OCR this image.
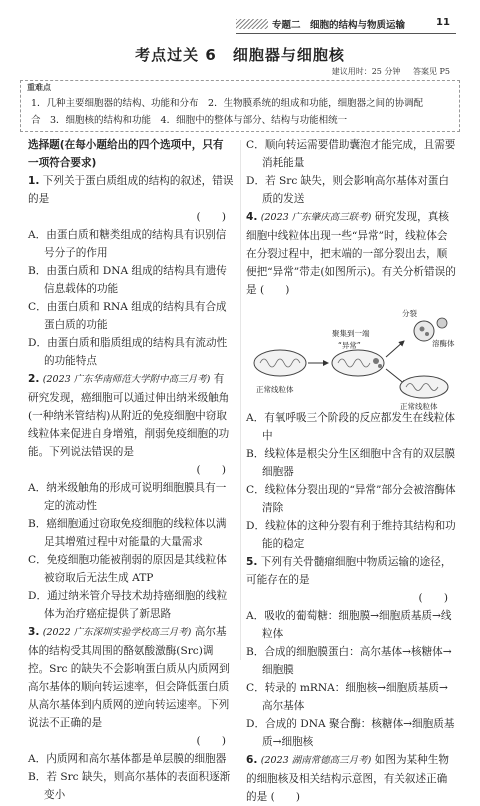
专题二　细胞的结构与物质运输	11
考点过关 6　细胞器与细胞核
建议用时：25 分钟 答案见 P5
重难点
1．几种主要细胞器的结构、功能和分布　2．生物膜系统的组成和功能，细胞器之间的协调配
合　3．细胞核的结构和功能　4．细胞中的整体与部分、结构与功能相统一

选择题(在每小题给出的四个选项中，只有一项符合要求)

1. 下列关于蛋白质组成的结构的叙述，错误的是

(　　)

A．由蛋白质和糖类组成的结构具有识别信号分子的作用

B．由蛋白质和 DNA 组成的结构具有遗传信息载体的功能

C．由蛋白质和 RNA 组成的结构具有合成蛋白质的功能

D．由蛋白质和脂质组成的结构具有流动性的功能特点

2. (2023 广东华南师范大学附中高三月考) 有研究发现，癌细胞可以通过伸出纳米级触角(一种纳米管结构)从附近的免疫细胞中窃取线粒体来促进自身增殖，削弱免疫细胞的功能。下列说法错误的是

(　　)

A．纳米级触角的形成可说明细胞膜具有一定的流动性

B．癌细胞通过窃取免疫细胞的线粒体以满足其增殖过程中对能量的大量需求

C．免疫细胞功能被削弱的原因是其线粒体被窃取后无法生成 ATP

D．通过纳米管介导技术劫持癌细胞的线粒体为治疗癌症提供了新思路

3. (2022 广东深圳实验学校高三月考) 高尔基体的结构受其周围的酪氨酸激酶(Src)调控。Src 的缺失不会影响蛋白质从内质网到高尔基体的顺向转运速率，但会降低蛋白质从高尔基体到内质网的逆向转运速率。下列说法不正确的是

(　　)

A．内质网和高尔基体都是单层膜的细胞器

B．若 Src 缺失，则高尔基体的表面积逐渐变小

C．顺向转运需要借助囊泡才能完成，且需要消耗能量

D．若 Src 缺失，则会影响高尔基体对蛋白质的发送

4. (2023 广东肇庆高三联考) 研究发现，真核细胞中线粒体出现一些“异常”时，线粒体会在分裂过程中，把末端的一部分裂出去，顺便把“异常”带走(如图所示)。有关分析错误的是 (　　)

正常线粒体
“异常”
聚集到一端
分裂
溶酶体
正常线粒体

A．有氧呼吸三个阶段的反应都发生在线粒体中

B．线粒体是根尖分生区细胞中含有的双层膜细胞器

C．线粒体分裂出现的“异常”部分会被溶酶体清除

D．线粒体的这种分裂有利于维持其结构和功能的稳定

5. 下列有关骨髓瘤细胞中物质运输的途径，可能存在的是

(　　)

A．吸收的葡萄糖：细胞膜→细胞质基质→线粒体

B．合成的细胞膜蛋白：高尔基体→核糖体→细胞膜

C．转录的 mRNA：细胞核→细胞质基质→高尔基体

D．合成的 DNA 聚合酶：核糖体→细胞质基质→细胞核

6. (2023 湖南常德高三月考) 如图为某种生物的细胞核及相关结构示意图，有关叙述正确的是 (　　)
